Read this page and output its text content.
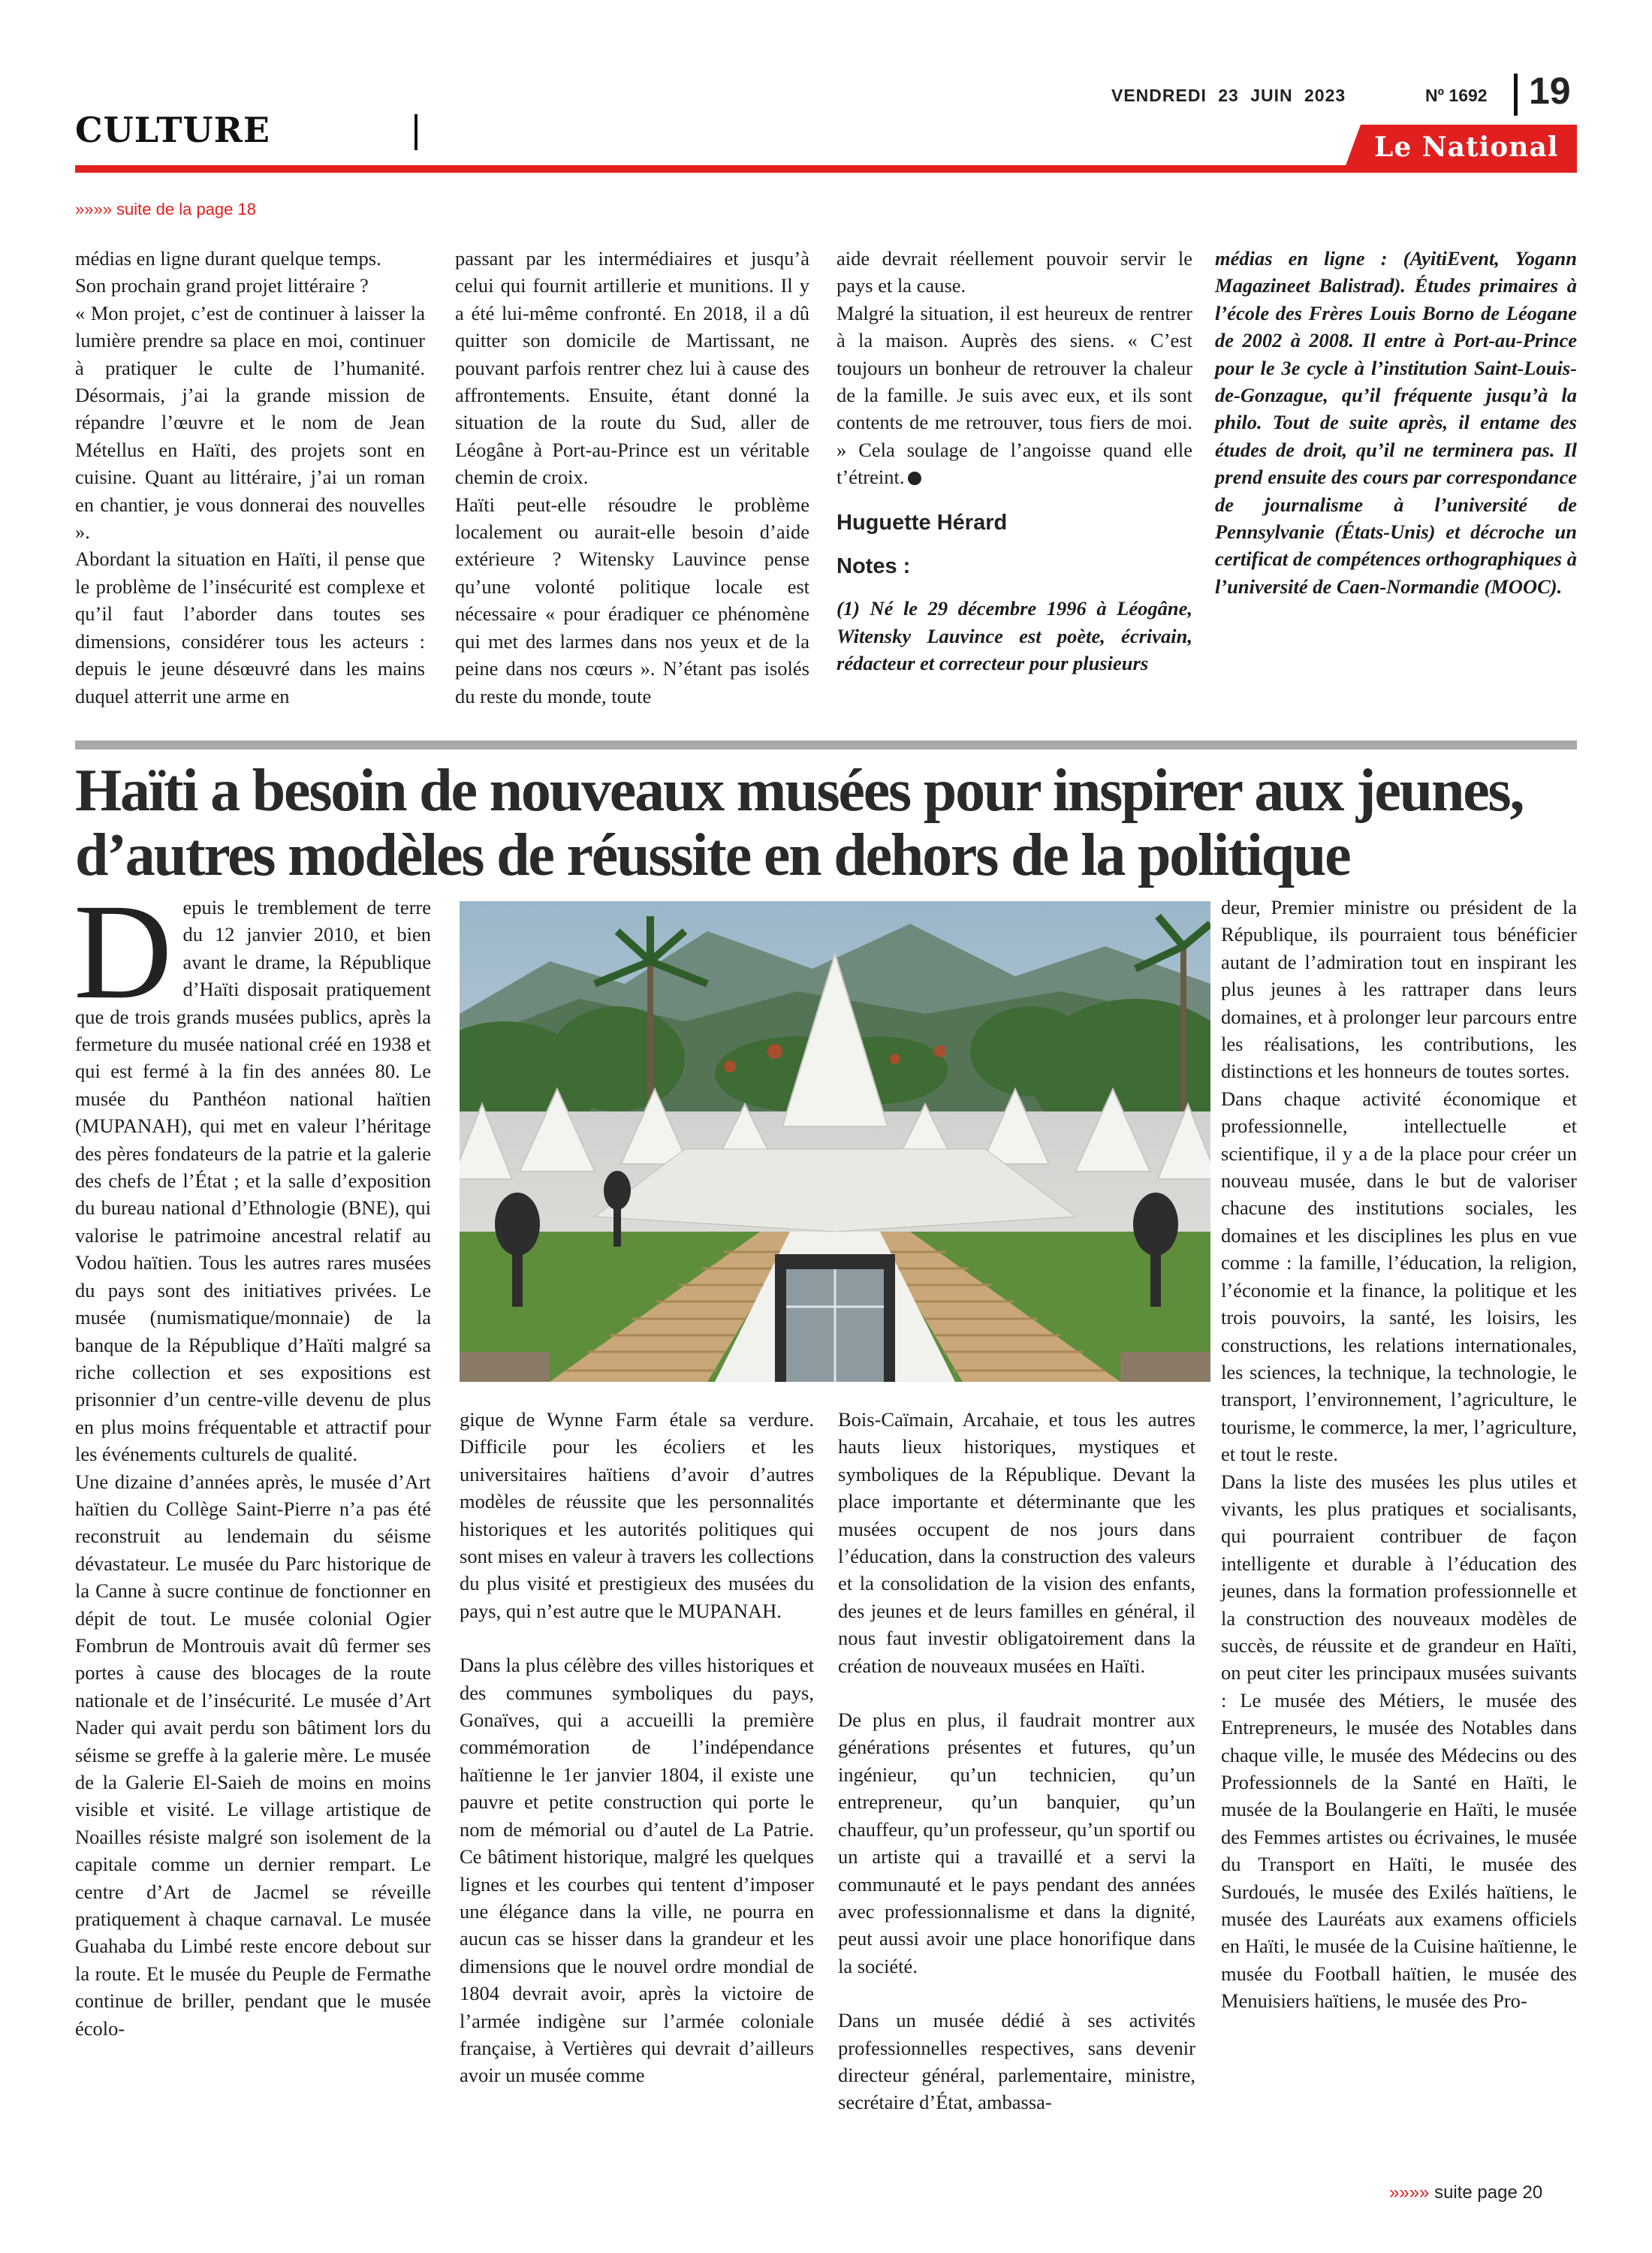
CULTURE
VENDREDI 23 JUIN 2023	Nº 1692 19
Le National
»»»» suite de la page 18

médias en ligne durant quelque temps.

Son prochain grand projet littéraire ?

« Mon projet, c’est de continuer à laisser la lumière prendre sa place en moi, continuer à pratiquer le culte de l’humanité. Désormais, j’ai la grande mission de répandre l’œuvre et le nom de Jean Métellus en Haïti, des projets sont en cuisine. Quant au littéraire, j’ai un roman en chantier, je vous donnerai des nouvelles ».

Abordant la situation en Haïti, il pense que le problème de l’insécurité est complexe et qu’il faut l’aborder dans toutes ses dimensions, considérer tous les acteurs : depuis le jeune désœuvré dans les mains duquel atterrit une arme en

passant par les intermédiaires et jusqu’à celui qui fournit artillerie et munitions. Il y a été lui-même confronté. En 2018, il a dû quitter son domicile de Martissant, ne pouvant parfois rentrer chez lui à cause des affrontements. Ensuite, étant donné la situation de la route du Sud, aller de Léogâne à Port-au-Prince est un véritable chemin de croix.

Haïti peut-elle résoudre le problème localement ou aurait-elle besoin d’aide extérieure ? Witensky Lauvince pense qu’une volonté politique locale est nécessaire « pour éradiquer ce phénomène qui met des larmes dans nos yeux et de la peine dans nos cœurs ». N’étant pas isolés du reste du monde, toute

aide devrait réellement pouvoir servir le pays et la cause.

Malgré la situation, il est heureux de rentrer à la maison. Auprès des siens. « C’est toujours un bonheur de retrouver la chaleur de la famille. Je suis avec eux, et ils sont contents de me retrouver, tous fiers de moi. » Cela soulage de l’angoisse quand elle t’étreint.

Huguette Hérard

Notes :

(1) Né le 29 décembre 1996 à Léogâne, Witensky Lauvince est poète, écrivain, rédacteur et correcteur pour plusieurs

médias en ligne : (AyitiEvent, Yogann Magazineet Balistrad). Études primaires à l’école des Frères Louis Borno de Léogane de 2002 à 2008. Il entre à Port-au-Prince pour le 3e cycle à l’institution Saint-Louis-de-Gonzague, qu’il fréquente jusqu’à la philo. Tout de suite après, il entame des études de droit, qu’il ne terminera pas. Il prend ensuite des cours par correspondance de journalisme à l’université de Pennsylvanie (États-Unis) et décroche un certificat de compétences orthographiques à l’université de Caen-Normandie (MOOC).

Haïti a besoin de nouveaux musées pour inspirer aux jeunes, d’autres modèles de réussite en dehors de la politique

Depuis le tremblement de terre du 12 janvier 2010, et bien avant le drame, la République d’Haïti disposait pratiquement que de trois grands musées publics, après la fermeture du musée national créé en 1938 et qui est fermé à la fin des années 80. Le musée du Panthéon national haïtien (MUPANAH), qui met en valeur l’héritage des pères fondateurs de la patrie et la galerie des chefs de l’État ; et la salle d’exposition du bureau national d’Ethnologie (BNE), qui valorise le patrimoine ancestral relatif au Vodou haïtien. Tous les autres rares musées du pays sont des initiatives privées. Le musée (numismatique/monnaie) de la banque de la République d’Haïti malgré sa riche collection et ses expositions est prisonnier d’un centre-ville devenu de plus en plus moins fréquentable et attractif pour les événements culturels de qualité.

Une dizaine d’années après, le musée d’Art haïtien du Collège Saint-Pierre n’a pas été reconstruit au lendemain du séisme dévastateur. Le musée du Parc historique de la Canne à sucre continue de fonctionner en dépit de tout. Le musée colonial Ogier Fombrun de Montrouis avait dû fermer ses portes à cause des blocages de la route nationale et de l’insécurité. Le musée d’Art Nader qui avait perdu son bâtiment lors du séisme se greffe à la galerie mère. Le musée de la Galerie El-Saieh de moins en moins visible et visité. Le village artistique de Noailles résiste malgré son isolement de la capitale comme un dernier rempart. Le centre d’Art de Jacmel se réveille pratiquement à chaque carnaval. Le musée Guahaba du Limbé reste encore debout sur la route. Et le musée du Peuple de Fermathe continue de briller, pendant que le musée écolo-

gique de Wynne Farm étale sa verdure. Difficile pour les écoliers et les universitaires haïtiens d’avoir d’autres modèles de réussite que les personnalités historiques et les autorités politiques qui sont mises en valeur à travers les collections du plus visité et prestigieux des musées du pays, qui n’est autre que le MUPANAH.

Dans la plus célèbre des villes historiques et des communes symboliques du pays, Gonaïves, qui a accueilli la première commémoration de l’indépendance haïtienne le 1er janvier 1804, il existe une pauvre et petite construction qui porte le nom de mémorial ou d’autel de La Patrie. Ce bâtiment historique, malgré les quelques lignes et les courbes qui tentent d’imposer une élégance dans la ville, ne pourra en aucun cas se hisser dans la grandeur et les dimensions que le nouvel ordre mondial de 1804 devrait avoir, après la victoire de l’armée indigène sur l’armée coloniale française, à Vertières qui devrait d’ailleurs avoir un musée comme

Bois-Caïmain, Arcahaie, et tous les autres hauts lieux historiques, mystiques et symboliques de la République. Devant la place importante et déterminante que les musées occupent de nos jours dans l’éducation, dans la construction des valeurs et la consolidation de la vision des enfants, des jeunes et de leurs familles en général, il nous faut investir obligatoirement dans la création de nouveaux musées en Haïti.

De plus en plus, il faudrait montrer aux générations présentes et futures, qu’un ingénieur, qu’un technicien, qu’un entrepreneur, qu’un banquier, qu’un chauffeur, qu’un professeur, qu’un sportif ou un artiste qui a travaillé et a servi la communauté et le pays pendant des années avec professionnalisme et dans la dignité, peut aussi avoir une place honorifique dans la société.

Dans un musée dédié à ses activités professionnelles respectives, sans devenir directeur général, parlementaire, ministre, secrétaire d’État, ambassa-

deur, Premier ministre ou président de la République, ils pourraient tous bénéficier autant de l’admiration tout en inspirant les plus jeunes à les rattraper dans leurs domaines, et à prolonger leur parcours entre les réalisations, les contributions, les distinctions et les honneurs de toutes sortes.

Dans chaque activité économique et professionnelle, intellectuelle et scientifique, il y a de la place pour créer un nouveau musée, dans le but de valoriser chacune des institutions sociales, les domaines et les disciplines les plus en vue comme : la famille, l’éducation, la religion, l’économie et la finance, la politique et les trois pouvoirs, la santé, les loisirs, les constructions, les relations internationales, les sciences, la technique, la technologie, le transport, l’environnement, l’agriculture, le tourisme, le commerce, la mer, l’agriculture, et tout le reste.

Dans la liste des musées les plus utiles et vivants, les plus pratiques et socialisants, qui pourraient contribuer de façon intelligente et durable à l’éducation des jeunes, dans la formation professionnelle et la construction des nouveaux modèles de succès, de réussite et de grandeur en Haïti, on peut citer les principaux musées suivants : Le musée des Métiers, le musée des Entrepreneurs, le musée des Notables dans chaque ville, le musée des Médecins ou des Professionnels de la Santé en Haïti, le musée de la Boulangerie en Haïti, le musée des Femmes artistes ou écrivaines, le musée du Transport en Haïti, le musée des Surdoués, le musée des Exilés haïtiens, le musée des Lauréats aux examens officiels en Haïti, le musée de la Cuisine haïtienne, le musée du Football haïtien, le musée des Menuisiers haïtiens, le musée des Pro-

»»»» suite page 20
